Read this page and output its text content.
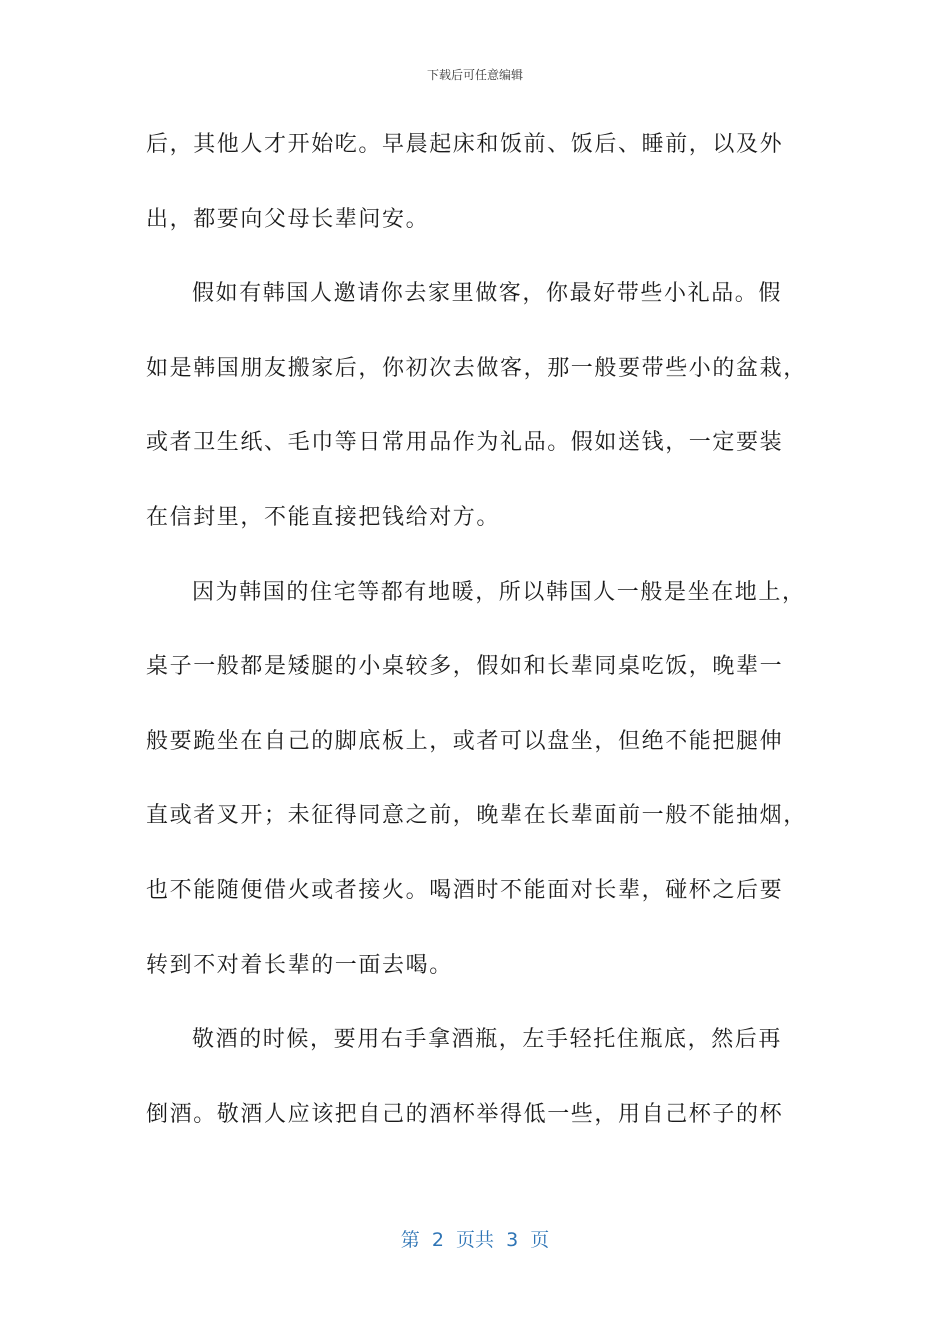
下载后可任意编辑
后，其他人才开始吃。早晨起床和饭前、饭后、睡前，以及外
出，都要向父母长辈问安。
假如有韩国人邀请你去家里做客，你最好带些小礼品。假
如是韩国朋友搬家后，你初次去做客，那一般要带些小的盆栽，
或者卫生纸、毛巾等日常用品作为礼品。假如送钱，一定要装
在信封里，不能直接把钱给对方。
因为韩国的住宅等都有地暖，所以韩国人一般是坐在地上，
桌子一般都是矮腿的小桌较多，假如和长辈同桌吃饭，晚辈一
般要跪坐在自己的脚底板上，或者可以盘坐，但绝不能把腿伸
直或者叉开；未征得同意之前，晚辈在长辈面前一般不能抽烟，
也不能随便借火或者接火。喝酒时不能面对长辈，碰杯之后要
转到不对着长辈的一面去喝。
敬酒的时候，要用右手拿酒瓶，左手轻托住瓶底，然后再
倒酒。敬酒人应该把自己的酒杯举得低一些，用自己杯子的杯
第  2  页共  3  页
